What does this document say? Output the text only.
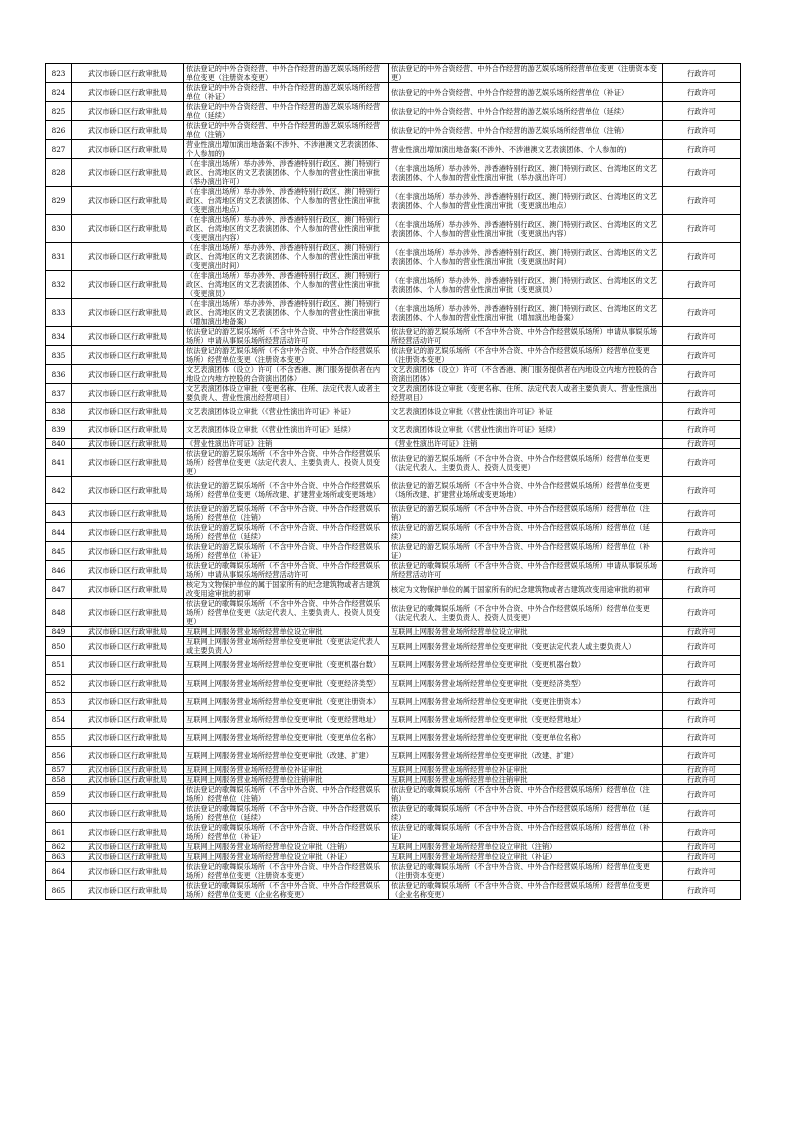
823	武汉市硚口区行政审批局	依法登记的中外合资经营、中外合作经营的游艺娱乐场所经营单位变更（注册资本变更）	依法登记的中外合资经营、中外合作经营的游艺娱乐场所经营单位变更（注册资本变更）	行政许可
824	武汉市硚口区行政审批局	依法登记的中外合资经营、中外合作经营的游艺娱乐场所经营单位（补证）	依法登记的中外合资经营、中外合作经营的游艺娱乐场所经营单位（补证）	行政许可
825	武汉市硚口区行政审批局	依法登记的中外合资经营、中外合作经营的游艺娱乐场所经营单位（延续）	依法登记的中外合资经营、中外合作经营的游艺娱乐场所经营单位（延续）	行政许可
826	武汉市硚口区行政审批局	依法登记的中外合资经营、中外合作经营的游艺娱乐场所经营单位（注销）	依法登记的中外合资经营、中外合作经营的游艺娱乐场所经营单位（注销）	行政许可
827	武汉市硚口区行政审批局	营业性演出增加演出地备案(不涉外、不涉港澳文艺表演团体、个人参加的)	营业性演出增加演出地备案(不涉外、不涉港澳文艺表演团体、个人参加的)	行政许可
828	武汉市硚口区行政审批局	（在非演出场所）举办涉外、涉香港特别行政区、澳门特别行政区、台湾地区的文艺表演团体、个人参加的营业性演出审批（举办演出许可）	（在非演出场所）举办涉外、涉香港特别行政区、澳门特别行政区、台湾地区的文艺表演团体、个人参加的营业性演出审批（举办演出许可）	行政许可
829	武汉市硚口区行政审批局	（在非演出场所）举办涉外、涉香港特别行政区、澳门特别行政区、台湾地区的文艺表演团体、个人参加的营业性演出审批（变更演出地点）	（在非演出场所）举办涉外、涉香港特别行政区、澳门特别行政区、台湾地区的文艺表演团体、个人参加的营业性演出审批（变更演出地点）	行政许可
830	武汉市硚口区行政审批局	（在非演出场所）举办涉外、涉香港特别行政区、澳门特别行政区、台湾地区的文艺表演团体、个人参加的营业性演出审批（变更演出内容）	（在非演出场所）举办涉外、涉香港特别行政区、澳门特别行政区、台湾地区的文艺表演团体、个人参加的营业性演出审批（变更演出内容）	行政许可
831	武汉市硚口区行政审批局	（在非演出场所）举办涉外、涉香港特别行政区、澳门特别行政区、台湾地区的文艺表演团体、个人参加的营业性演出审批（变更演出时间）	（在非演出场所）举办涉外、涉香港特别行政区、澳门特别行政区、台湾地区的文艺表演团体、个人参加的营业性演出审批（变更演出时间）	行政许可
832	武汉市硚口区行政审批局	（在非演出场所）举办涉外、涉香港特别行政区、澳门特别行政区、台湾地区的文艺表演团体、个人参加的营业性演出审批（变更演员）	（在非演出场所）举办涉外、涉香港特别行政区、澳门特别行政区、台湾地区的文艺表演团体、个人参加的营业性演出审批（变更演员）	行政许可
833	武汉市硚口区行政审批局	（在非演出场所）举办涉外、涉香港特别行政区、澳门特别行政区、台湾地区的文艺表演团体、个人参加的营业性演出审批（增加演出地备案）	（在非演出场所）举办涉外、涉香港特别行政区、澳门特别行政区、台湾地区的文艺表演团体、个人参加的营业性演出审批（增加演出地备案）	行政许可
834	武汉市硚口区行政审批局	依法登记的游艺娱乐场所（不含中外合资、中外合作经营娱乐场所）申请从事娱乐场所经营活动许可	依法登记的游艺娱乐场所（不含中外合资、中外合作经营娱乐场所）申请从事娱乐场所经营活动许可	行政许可
835	武汉市硚口区行政审批局	依法登记的游艺娱乐场所（不含中外合资、中外合作经营娱乐场所）经营单位变更（注册资本变更）	依法登记的游艺娱乐场所（不含中外合资、中外合作经营娱乐场所）经营单位变更（注册资本变更）	行政许可
836	武汉市硚口区行政审批局	文艺表演团体（设立）许可（不含香港、澳门服务提供者在内地设立内地方控股的合资演出团体）	文艺表演团体（设立）许可（不含香港、澳门服务提供者在内地设立内地方控股的合资演出团体）	行政许可
837	武汉市硚口区行政审批局	文艺表演团体设立审批（变更名称、住所、法定代表人或者主要负责人、营业性演出经营项目）	文艺表演团体设立审批（变更名称、住所、法定代表人或者主要负责人、营业性演出经营项目）	行政许可
838	武汉市硚口区行政审批局	文艺表演团体设立审批（《营业性演出许可证》补证）	文艺表演团体设立审批（《营业性演出许可证》补证	行政许可
839	武汉市硚口区行政审批局	文艺表演团体设立审批（《营业性演出许可证》延续）	文艺表演团体设立审批（《营业性演出许可证》延续）	行政许可
840	武汉市硚口区行政审批局	《营业性演出许可证》注销	《营业性演出许可证》注销	行政许可
841	武汉市硚口区行政审批局	依法登记的游艺娱乐场所（不含中外合资、中外合作经营娱乐场所）经营单位变更（法定代表人、主要负责人、投资人员变更）	依法登记的游艺娱乐场所（不含中外合资、中外合作经营娱乐场所）经营单位变更（法定代表人、主要负责人、投资人员变更）	行政许可
842	武汉市硚口区行政审批局	依法登记的游艺娱乐场所（不含中外合资、中外合作经营娱乐场所）经营单位变更（场所改建、扩建营业场所或变更场地）	依法登记的游艺娱乐场所（不含中外合资、中外合作经营娱乐场所）经营单位变更（场所改建、扩建营业场所或变更场地）	行政许可
843	武汉市硚口区行政审批局	依法登记的游艺娱乐场所（不含中外合资、中外合作经营娱乐场所）经营单位（注销）	依法登记的游艺娱乐场所（不含中外合资、中外合作经营娱乐场所）经营单位（注销）	行政许可
844	武汉市硚口区行政审批局	依法登记的游艺娱乐场所（不含中外合资、中外合作经营娱乐场所）经营单位（延续）	依法登记的游艺娱乐场所（不含中外合资、中外合作经营娱乐场所）经营单位（延续）	行政许可
845	武汉市硚口区行政审批局	依法登记的游艺娱乐场所（不含中外合资、中外合作经营娱乐场所）经营单位（补证）	依法登记的游艺娱乐场所（不含中外合资、中外合作经营娱乐场所）经营单位（补证）	行政许可
846	武汉市硚口区行政审批局	依法登记的歌舞娱乐场所（不含中外合资、中外合作经营娱乐场所）申请从事娱乐场所经营活动许可	依法登记的歌舞娱乐场所（不含中外合资、中外合作经营娱乐场所）申请从事娱乐场所经营活动许可	行政许可
847	武汉市硚口区行政审批局	核定为文物保护单位的属于国家所有的纪念建筑物或者古建筑改变用途审批的初审	核定为文物保护单位的属于国家所有的纪念建筑物或者古建筑改变用途审批的初审	行政许可
848	武汉市硚口区行政审批局	依法登记的歌舞娱乐场所（不含中外合资、中外合作经营娱乐场所）经营单位变更（法定代表人、主要负责人、投资人员变更）	依法登记的歌舞娱乐场所（不含中外合资、中外合作经营娱乐场所）经营单位变更（法定代表人、主要负责人、投资人员变更）	行政许可
849	武汉市硚口区行政审批局	互联网上网服务营业场所经营单位设立审批	互联网上网服务营业场所经营单位设立审批	行政许可
850	武汉市硚口区行政审批局	互联网上网服务营业场所经营单位变更审批（变更法定代表人或主要负责人）	互联网上网服务营业场所经营单位变更审批（变更法定代表人或主要负责人）	行政许可
851	武汉市硚口区行政审批局	互联网上网服务营业场所经营单位变更审批（变更机器台数）	互联网上网服务营业场所经营单位变更审批（变更机器台数）	行政许可
852	武汉市硚口区行政审批局	互联网上网服务营业场所经营单位变更审批（变更经济类型）	互联网上网服务营业场所经营单位变更审批（变更经济类型）	行政许可
853	武汉市硚口区行政审批局	互联网上网服务营业场所经营单位变更审批（变更注册资本）	互联网上网服务营业场所经营单位变更审批（变更注册资本）	行政许可
854	武汉市硚口区行政审批局	互联网上网服务营业场所经营单位变更审批（变更经营地址）	互联网上网服务营业场所经营单位变更审批（变更经营地址）	行政许可
855	武汉市硚口区行政审批局	互联网上网服务营业场所经营单位变更审批（变更单位名称）	互联网上网服务营业场所经营单位变更审批（变更单位名称）	行政许可
856	武汉市硚口区行政审批局	互联网上网服务营业场所经营单位变更审批（改建、扩建）	互联网上网服务营业场所经营单位变更审批（改建、扩建）	行政许可
857	武汉市硚口区行政审批局	互联网上网服务营业场所经营单位补证审批	互联网上网服务营业场所经营单位补证审批	行政许可
858	武汉市硚口区行政审批局	互联网上网服务营业场所经营单位注销审批	互联网上网服务营业场所经营单位注销审批	行政许可
859	武汉市硚口区行政审批局	依法登记的歌舞娱乐场所（不含中外合资、中外合作经营娱乐场所）经营单位（注销）	依法登记的歌舞娱乐场所（不含中外合资、中外合作经营娱乐场所）经营单位（注销）	行政许可
860	武汉市硚口区行政审批局	依法登记的歌舞娱乐场所（不含中外合资、中外合作经营娱乐场所）经营单位（延续）	依法登记的歌舞娱乐场所（不含中外合资、中外合作经营娱乐场所）经营单位（延续）	行政许可
861	武汉市硚口区行政审批局	依法登记的歌舞娱乐场所（不含中外合资、中外合作经营娱乐场所）经营单位（补证）	依法登记的歌舞娱乐场所（不含中外合资、中外合作经营娱乐场所）经营单位（补证）	行政许可
862	武汉市硚口区行政审批局	互联网上网服务营业场所经营单位设立审批（注销）	互联网上网服务营业场所经营单位设立审批（注销）	行政许可
863	武汉市硚口区行政审批局	互联网上网服务营业场所经营单位设立审批（补证）	互联网上网服务营业场所经营单位设立审批（补证）	行政许可
864	武汉市硚口区行政审批局	依法登记的歌舞娱乐场所（不含中外合资、中外合作经营娱乐场所）经营单位变更（注册资本变更）	依法登记的歌舞娱乐场所（不含中外合资、中外合作经营娱乐场所）经营单位变更（注册资本变更）	行政许可
865	武汉市硚口区行政审批局	依法登记的歌舞娱乐场所（不含中外合资、中外合作经营娱乐场所）经营单位变更（企业名称变更）	依法登记的歌舞娱乐场所（不含中外合资、中外合作经营娱乐场所）经营单位变更（企业名称变更）	行政许可
